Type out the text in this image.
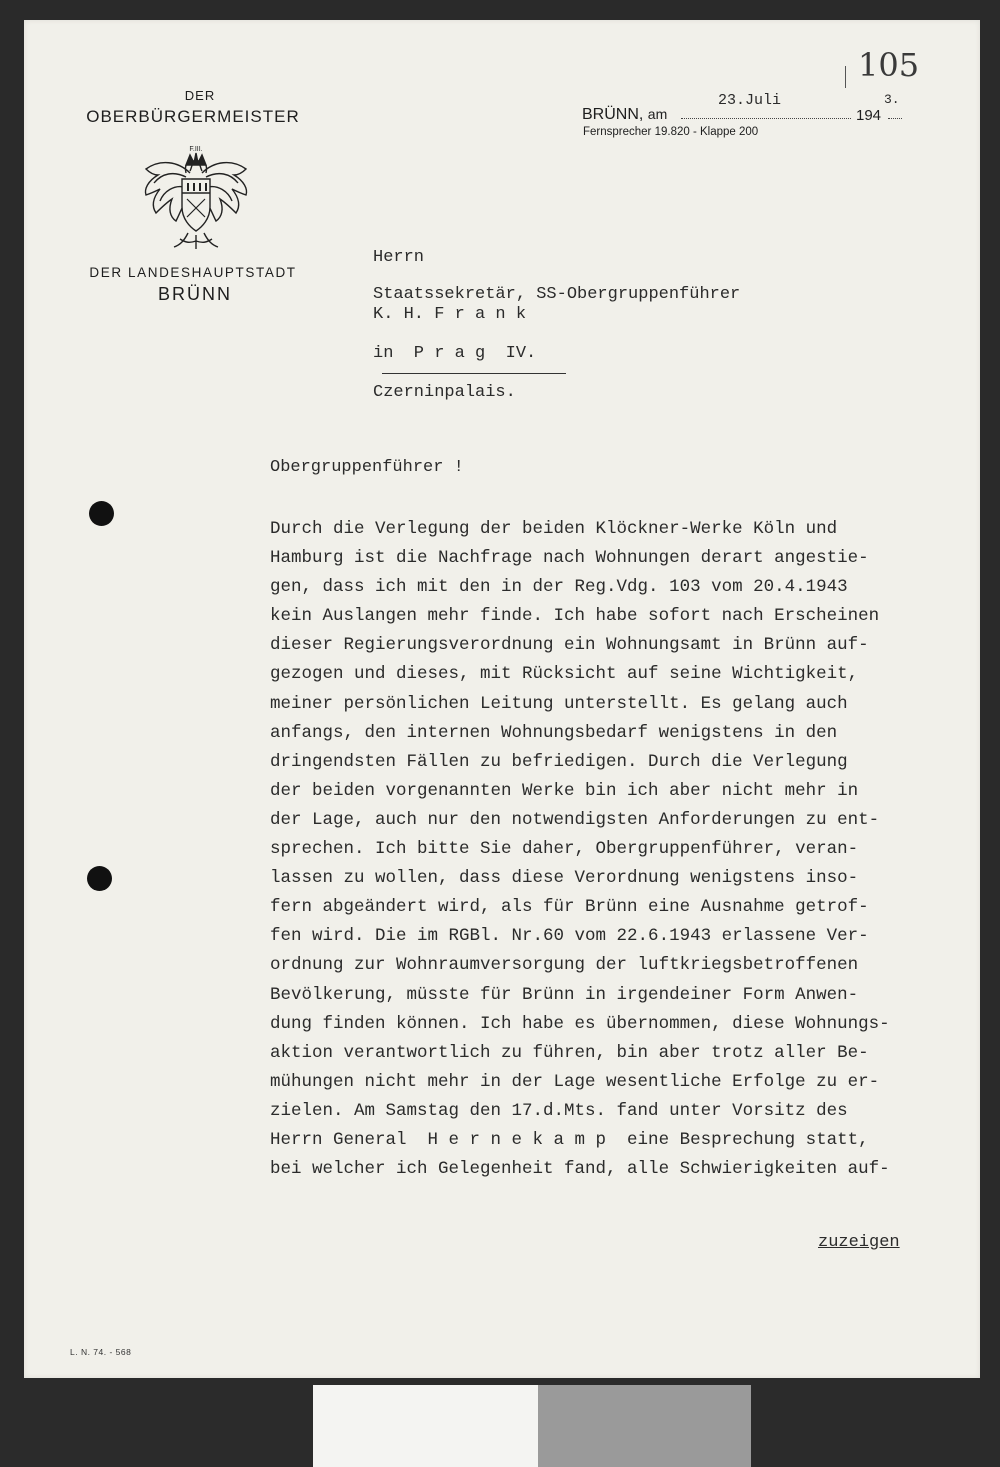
DER
OBERBÜRGERMEISTER
F.III.
DER LANDESHAUPTSTADT
BRÜNN
105
BRÜNN, am
23.Juli
194
3.
Fernsprecher 19.820 - Klappe 200
Herrn
Staatssekretär, SS-Obergruppenführer
K. H. F r a n k
in  P r a g  IV.
Czerninpalais.
Obergruppenführer !
Durch die Verlegung der beiden Klöckner-Werke Köln und
Hamburg ist die Nachfrage nach Wohnungen derart angestie-
gen, dass ich mit den in der Reg.Vdg. 103 vom 20.4.1943
kein Auslangen mehr finde. Ich habe sofort nach Erscheinen
dieser Regierungsverordnung ein Wohnungsamt in Brünn auf-
gezogen und dieses, mit Rücksicht auf seine Wichtigkeit,
meiner persönlichen Leitung unterstellt. Es gelang auch
anfangs, den internen Wohnungsbedarf wenigstens in den
dringendsten Fällen zu befriedigen. Durch die Verlegung
der beiden vorgenannten Werke bin ich aber nicht mehr in
der Lage, auch nur den notwendigsten Anforderungen zu ent-
sprechen. Ich bitte Sie daher, Obergruppenführer, veran-
lassen zu wollen, dass diese Verordnung wenigstens inso-
fern abgeändert wird, als für Brünn eine Ausnahme getrof-
fen wird. Die im RGBl. Nr.60 vom 22.6.1943 erlassene Ver-
ordnung zur Wohnraumversorgung der luftkriegsbetroffenen
Bevölkerung, müsste für Brünn in irgendeiner Form Anwen-
dung finden können. Ich habe es übernommen, diese Wohnungs-
aktion verantwortlich zu führen, bin aber trotz aller Be-
mühungen nicht mehr in der Lage wesentliche Erfolge zu er-
zielen. Am Samstag den 17.d.Mts. fand unter Vorsitz des
Herrn General  H e r n e k a m p  eine Besprechung statt,
bei welcher ich Gelegenheit fand, alle Schwierigkeiten auf-
zuzeigen
L. N. 74. - 568
